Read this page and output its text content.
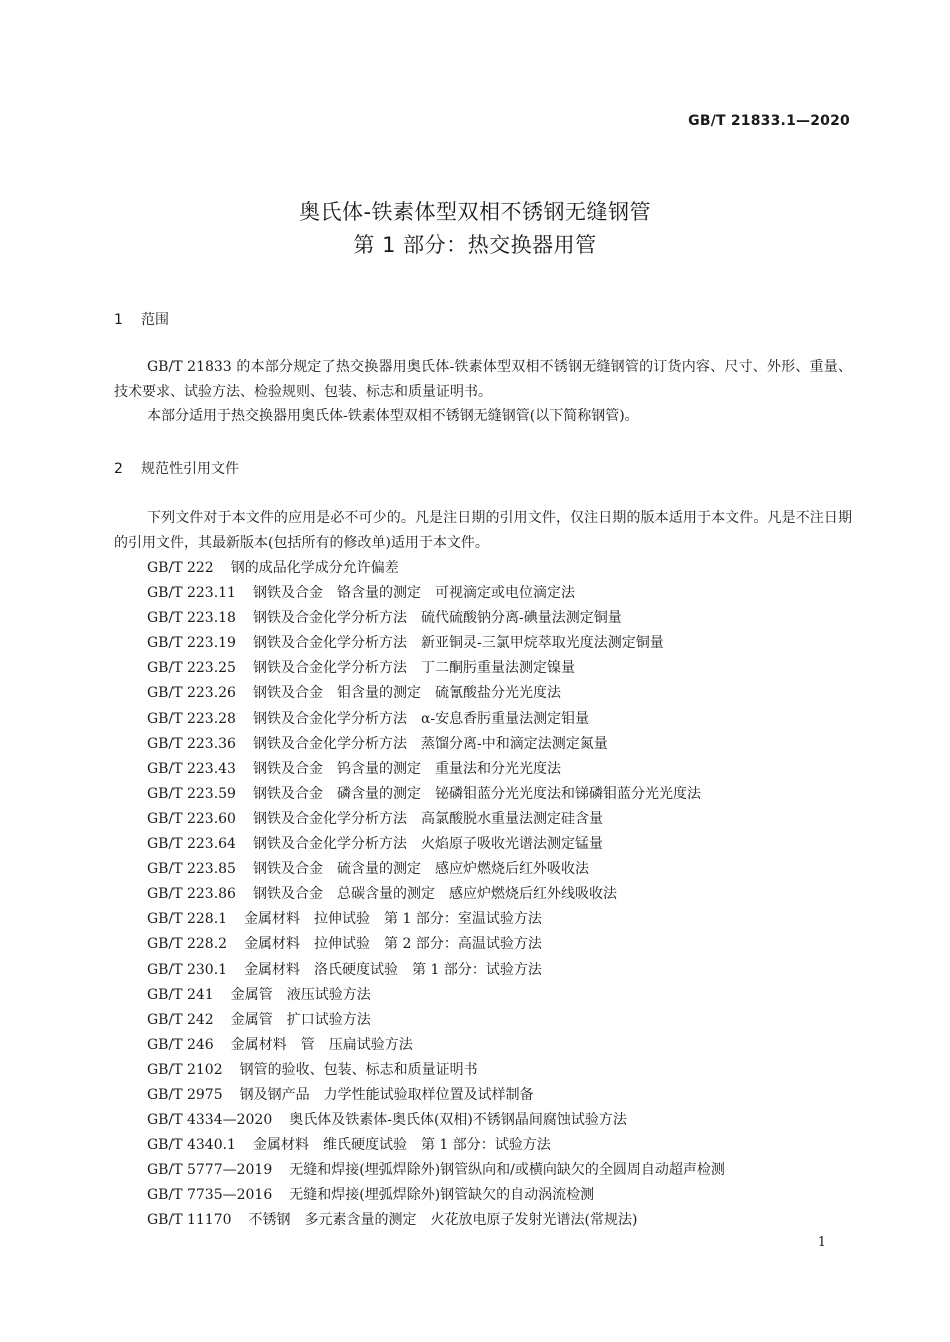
GB/T 21833.1—2020
奥氏体-铁素体型双相不锈钢无缝钢管
第 1 部分：热交换器用管
1 范围
GB/T 21833 的本部分规定了热交换器用奥氏体-铁素体型双相不锈钢无缝钢管的订货内容、尺寸、外形、重量、技术要求、试验方法、检验规则、包装、标志和质量证明书。
本部分适用于热交换器用奥氏体-铁素体型双相不锈钢无缝钢管(以下简称钢管)。
2 规范性引用文件
下列文件对于本文件的应用是必不可少的。凡是注日期的引用文件，仅注日期的版本适用于本文件。凡是不注日期的引用文件，其最新版本(包括所有的修改单)适用于本文件。
GB/T 222 钢的成品化学成分允许偏差
GB/T 223.11 钢铁及合金　铬含量的测定　可视滴定或电位滴定法
GB/T 223.18 钢铁及合金化学分析方法　硫代硫酸钠分离-碘量法测定铜量
GB/T 223.19 钢铁及合金化学分析方法　新亚铜灵-三氯甲烷萃取光度法测定铜量
GB/T 223.25 钢铁及合金化学分析方法　丁二酮肟重量法测定镍量
GB/T 223.26 钢铁及合金　钼含量的测定　硫氰酸盐分光光度法
GB/T 223.28 钢铁及合金化学分析方法　α-安息香肟重量法测定钼量
GB/T 223.36 钢铁及合金化学分析方法　蒸馏分离-中和滴定法测定氮量
GB/T 223.43 钢铁及合金　钨含量的测定　重量法和分光光度法
GB/T 223.59 钢铁及合金　磷含量的测定　铋磷钼蓝分光光度法和锑磷钼蓝分光光度法
GB/T 223.60 钢铁及合金化学分析方法　高氯酸脱水重量法测定硅含量
GB/T 223.64 钢铁及合金化学分析方法　火焰原子吸收光谱法测定锰量
GB/T 223.85 钢铁及合金　硫含量的测定　感应炉燃烧后红外吸收法
GB/T 223.86 钢铁及合金　总碳含量的测定　感应炉燃烧后红外线吸收法
GB/T 228.1 金属材料　拉伸试验　第 1 部分：室温试验方法
GB/T 228.2 金属材料　拉伸试验　第 2 部分：高温试验方法
GB/T 230.1 金属材料　洛氏硬度试验　第 1 部分：试验方法
GB/T 241 金属管　液压试验方法
GB/T 242 金属管　扩口试验方法
GB/T 246 金属材料　管　压扁试验方法
GB/T 2102 钢管的验收、包装、标志和质量证明书
GB/T 2975 钢及钢产品　力学性能试验取样位置及试样制备
GB/T 4334—2020 奥氏体及铁素体-奥氏体(双相)不锈钢晶间腐蚀试验方法
GB/T 4340.1 金属材料　维氏硬度试验　第 1 部分：试验方法
GB/T 5777—2019 无缝和焊接(埋弧焊除外)钢管纵向和/或横向缺欠的全圆周自动超声检测
GB/T 7735—2016 无缝和焊接(埋弧焊除外)钢管缺欠的自动涡流检测
GB/T 11170 不锈钢　多元素含量的测定　火花放电原子发射光谱法(常规法)
1
